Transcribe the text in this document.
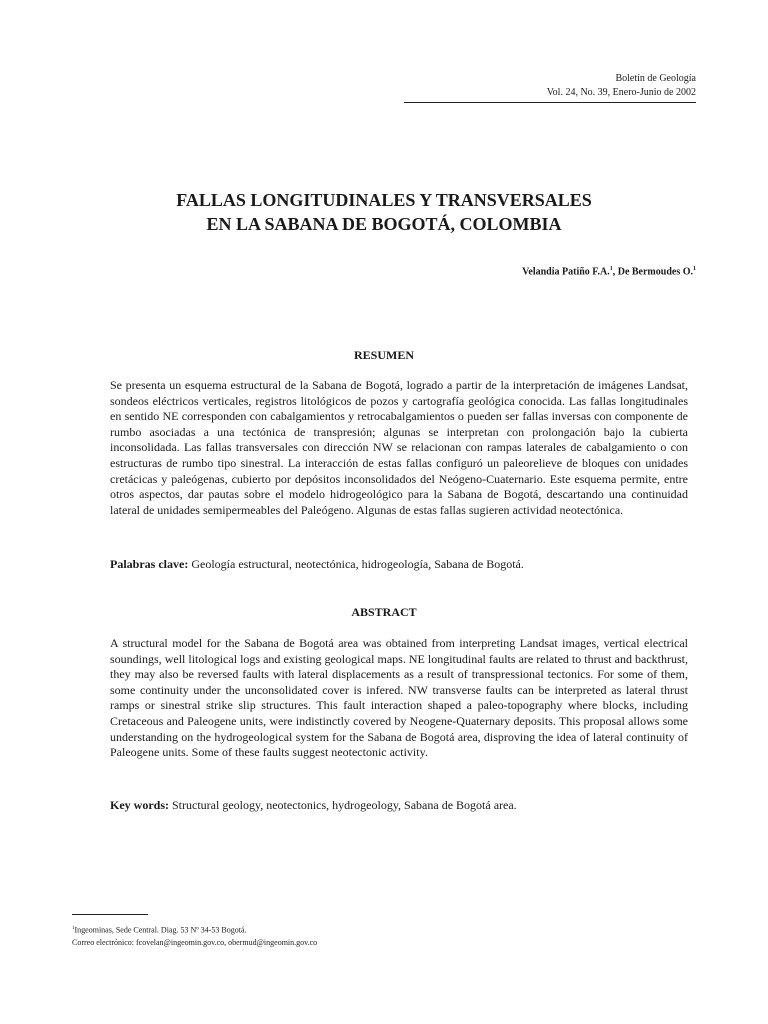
Boletín de Geología
Vol. 24, No. 39, Enero-Junio de 2002
FALLAS LONGITUDINALES Y TRANSVERSALES
EN LA SABANA DE BOGOTÁ, COLOMBIA
Velandia Patiño F.A.$^1$, De Bermoudes O.$^1$
RESUMEN
Se presenta un esquema estructural de la Sabana de Bogotá, logrado a partir de la interpretación de imágenes Landsat, sondeos eléctricos verticales, registros litológicos de pozos y cartografía geológica conocida. Las fallas longitudinales en sentido NE corresponden con cabalgamientos y retrocabalgamientos o pueden ser fallas inversas con componente de rumbo asociadas a una tectónica de transpresión; algunas se interpretan con prolongación bajo la cubierta inconsolidada. Las fallas transversales con dirección NW se relacionan con rampas laterales de cabalgamiento o con estructuras de rumbo tipo sinestral. La interacción de estas fallas configuró un paleorelieve de bloques con unidades cretácicas y paleógenas, cubierto por depósitos inconsolidados del Neógeno-Cuaternario. Este esquema permite, entre otros aspectos, dar pautas sobre el modelo hidrogeológico para la Sabana de Bogotá, descartando una continuidad lateral de unidades semipermeables del Paleógeno. Algunas de estas fallas sugieren actividad neotectónica.
Palabras clave: Geología estructural, neotectónica, hidrogeología, Sabana de Bogotá.
ABSTRACT
A structural model for the Sabana de Bogotá area was obtained from interpreting Landsat images, vertical electrical soundings, well litological logs and existing geological maps. NE longitudinal faults are related to thrust and backthrust, they may also be reversed faults with lateral displacements as a result of transpressional tectonics. For some of them, some continuity under the unconsolidated cover is infered. NW transverse faults can be interpreted as lateral thrust ramps or sinestral strike slip structures. This fault interaction shaped a paleo-topography where blocks, including Cretaceous and Paleogene units, were indistinctly covered by Neogene-Quaternary deposits. This proposal allows some understanding on the hydrogeological system for the Sabana de Bogotá area, disproving the idea of lateral continuity of Paleogene units. Some of these faults suggest neotectonic activity.
Key words: Structural geology, neotectonics, hydrogeology, Sabana de Bogotá area.
$^1$Ingeominas, Sede Central. Diag. 53 Nº 34-53 Bogotá.
Correo electrónico: fcovelan@ingeomin.gov.co, obermud@ingeomin.gov.co
